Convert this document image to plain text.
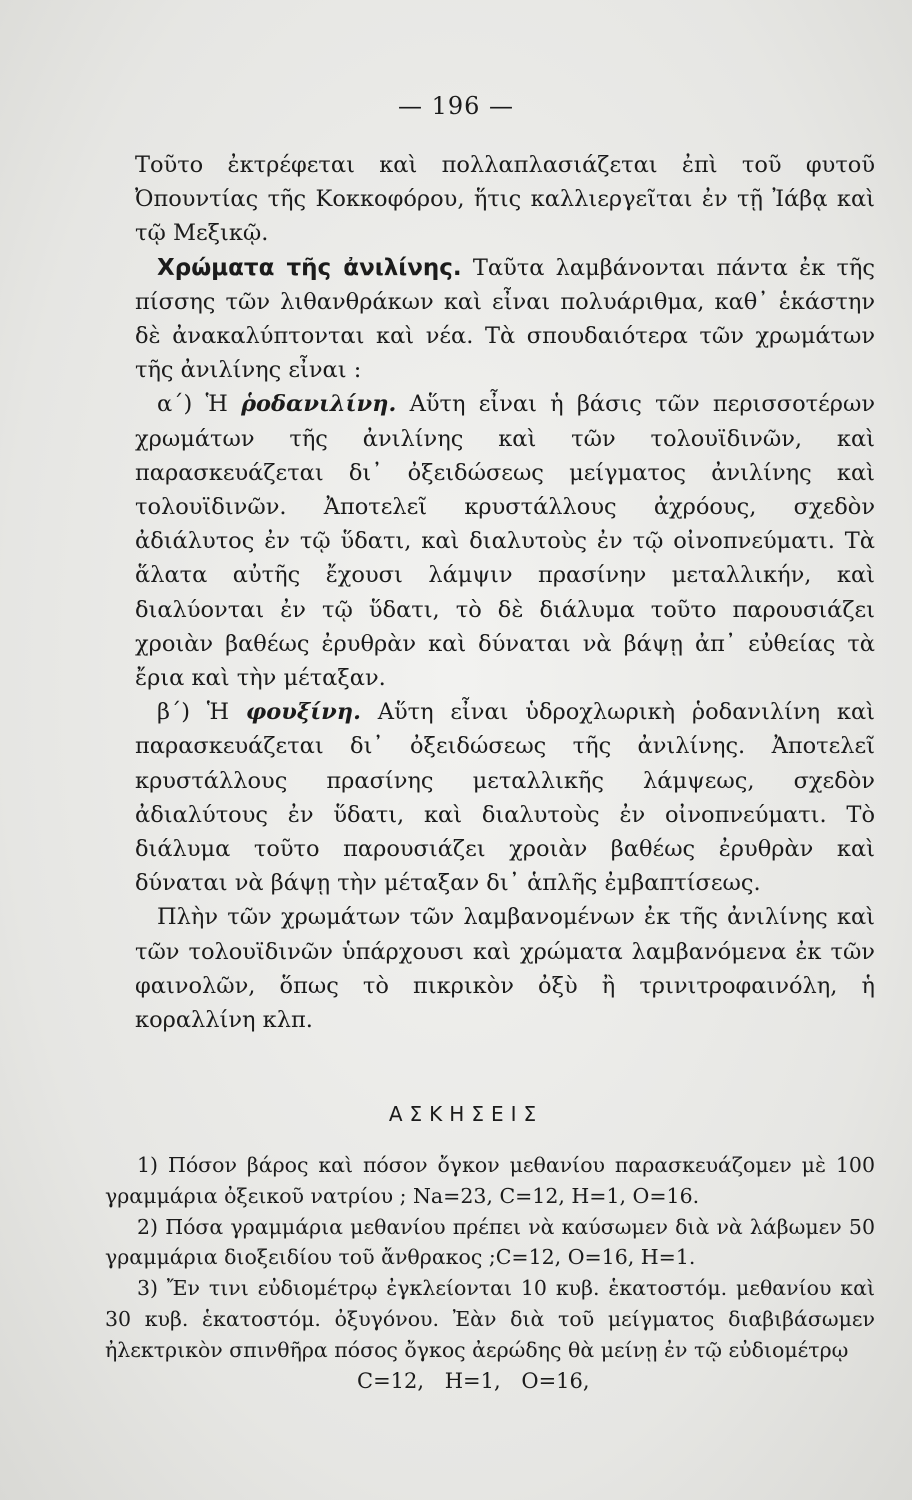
— 196 —

Τοῦτο ἐκτρέφεται καὶ πολλαπλασιάζεται ἐπὶ τοῦ φυτοῦ Ὀπουντίας τῆς Κοκκοφόρου, ἥτις καλλιεργεῖται ἐν τῇ Ἰάβᾳ καὶ τῷ Μεξικῷ.

Χρώματα τῆς ἀνιλίνης. Ταῦτα λαμβάνονται πάντα ἐκ τῆς πίσσης τῶν λιθανθράκων καὶ εἶναι πολυάριθμα, καθ᾽ ἑκάστην δὲ ἀνακαλύπτονται καὶ νέα. Τὰ σπουδαιότερα τῶν χρωμάτων τῆς ἀνιλίνης εἶναι :

α΄) Ἡ ῥοδανιλίνη. Αὕτη εἶναι ἡ βάσις τῶν περισσοτέρων χρωμάτων τῆς ἀνιλίνης καὶ τῶν τολουϊδινῶν, καὶ παρασκευάζεται δι᾽ ὀξειδώσεως μείγματος ἀνιλίνης καὶ τολουϊδινῶν. Ἀποτελεῖ κρυστάλλους ἀχρόους, σχεδὸν ἀδιάλυτος ἐν τῷ ὕδατι, καὶ διαλυτοὺς ἐν τῷ οἰνοπνεύματι. Τὰ ἅλατα αὐτῆς ἔχουσι λάμψιν πρασίνην μεταλλικήν, καὶ διαλύονται ἐν τῷ ὕδατι, τὸ δὲ διάλυμα τοῦτο παρουσιάζει χροιὰν βαθέως ἐρυθρὰν καὶ δύναται νὰ βάψῃ ἀπ᾽ εὐθείας τὰ ἔρια καὶ τὴν μέταξαν.

β΄) Ἡ φουξίνη. Αὕτη εἶναι ὑδροχλωρικὴ ῥοδανιλίνη καὶ παρασκευάζεται δι᾽ ὀξειδώσεως τῆς ἀνιλίνης. Ἀποτελεῖ κρυστάλλους πρασίνης μεταλλικῆς λάμψεως, σχεδὸν ἀδιαλύτους ἐν ὕδατι, καὶ διαλυτοὺς ἐν οἰνοπνεύματι. Τὸ διάλυμα τοῦτο παρουσιάζει χροιὰν βαθέως ἐρυθρὰν καὶ δύναται νὰ βάψῃ τὴν μέταξαν δι᾽ ἁπλῆς ἐμβαπτίσεως.

Πλὴν τῶν χρωμάτων τῶν λαμβανομένων ἐκ τῆς ἀνιλίνης καὶ τῶν τολουϊδινῶν ὑπάρχουσι καὶ χρώματα λαμβανόμενα ἐκ τῶν φαινολῶν, ὅπως τὸ πικρικὸν ὀξὺ ἢ τρινιτροφαινόλη, ἡ κοραλλίνη κλπ.

ΑΣΚΗΣΕΙΣ

1) Πόσον βάρος καὶ πόσον ὄγκον μεθανίου παρασκευάζομεν μὲ 100 γραμμάρια ὀξεικοῦ νατρίου ; Na=23, C=12, H=1, O=16.

2) Πόσα γραμμάρια μεθανίου πρέπει νὰ καύσωμεν διὰ νὰ λάβωμεν 50 γραμμάρια διοξειδίου τοῦ ἄνθρακος ;C=12, O=16, H=1.

3) Ἔν τινι εὐδιομέτρῳ ἐγκλείονται 10 κυβ. ἑκατοστόμ. μεθανίου καὶ 30 κυβ. ἑκατοστόμ. ὀξυγόνου. Ἐὰν διὰ τοῦ μείγματος διαβιβάσωμεν ἠλεκτρικὸν σπινθῆρα πόσος ὄγκος ἀερώδης θὰ μείνῃ ἐν τῷ εὐδιομέτρῳ

C=12, H=1, O=16,
